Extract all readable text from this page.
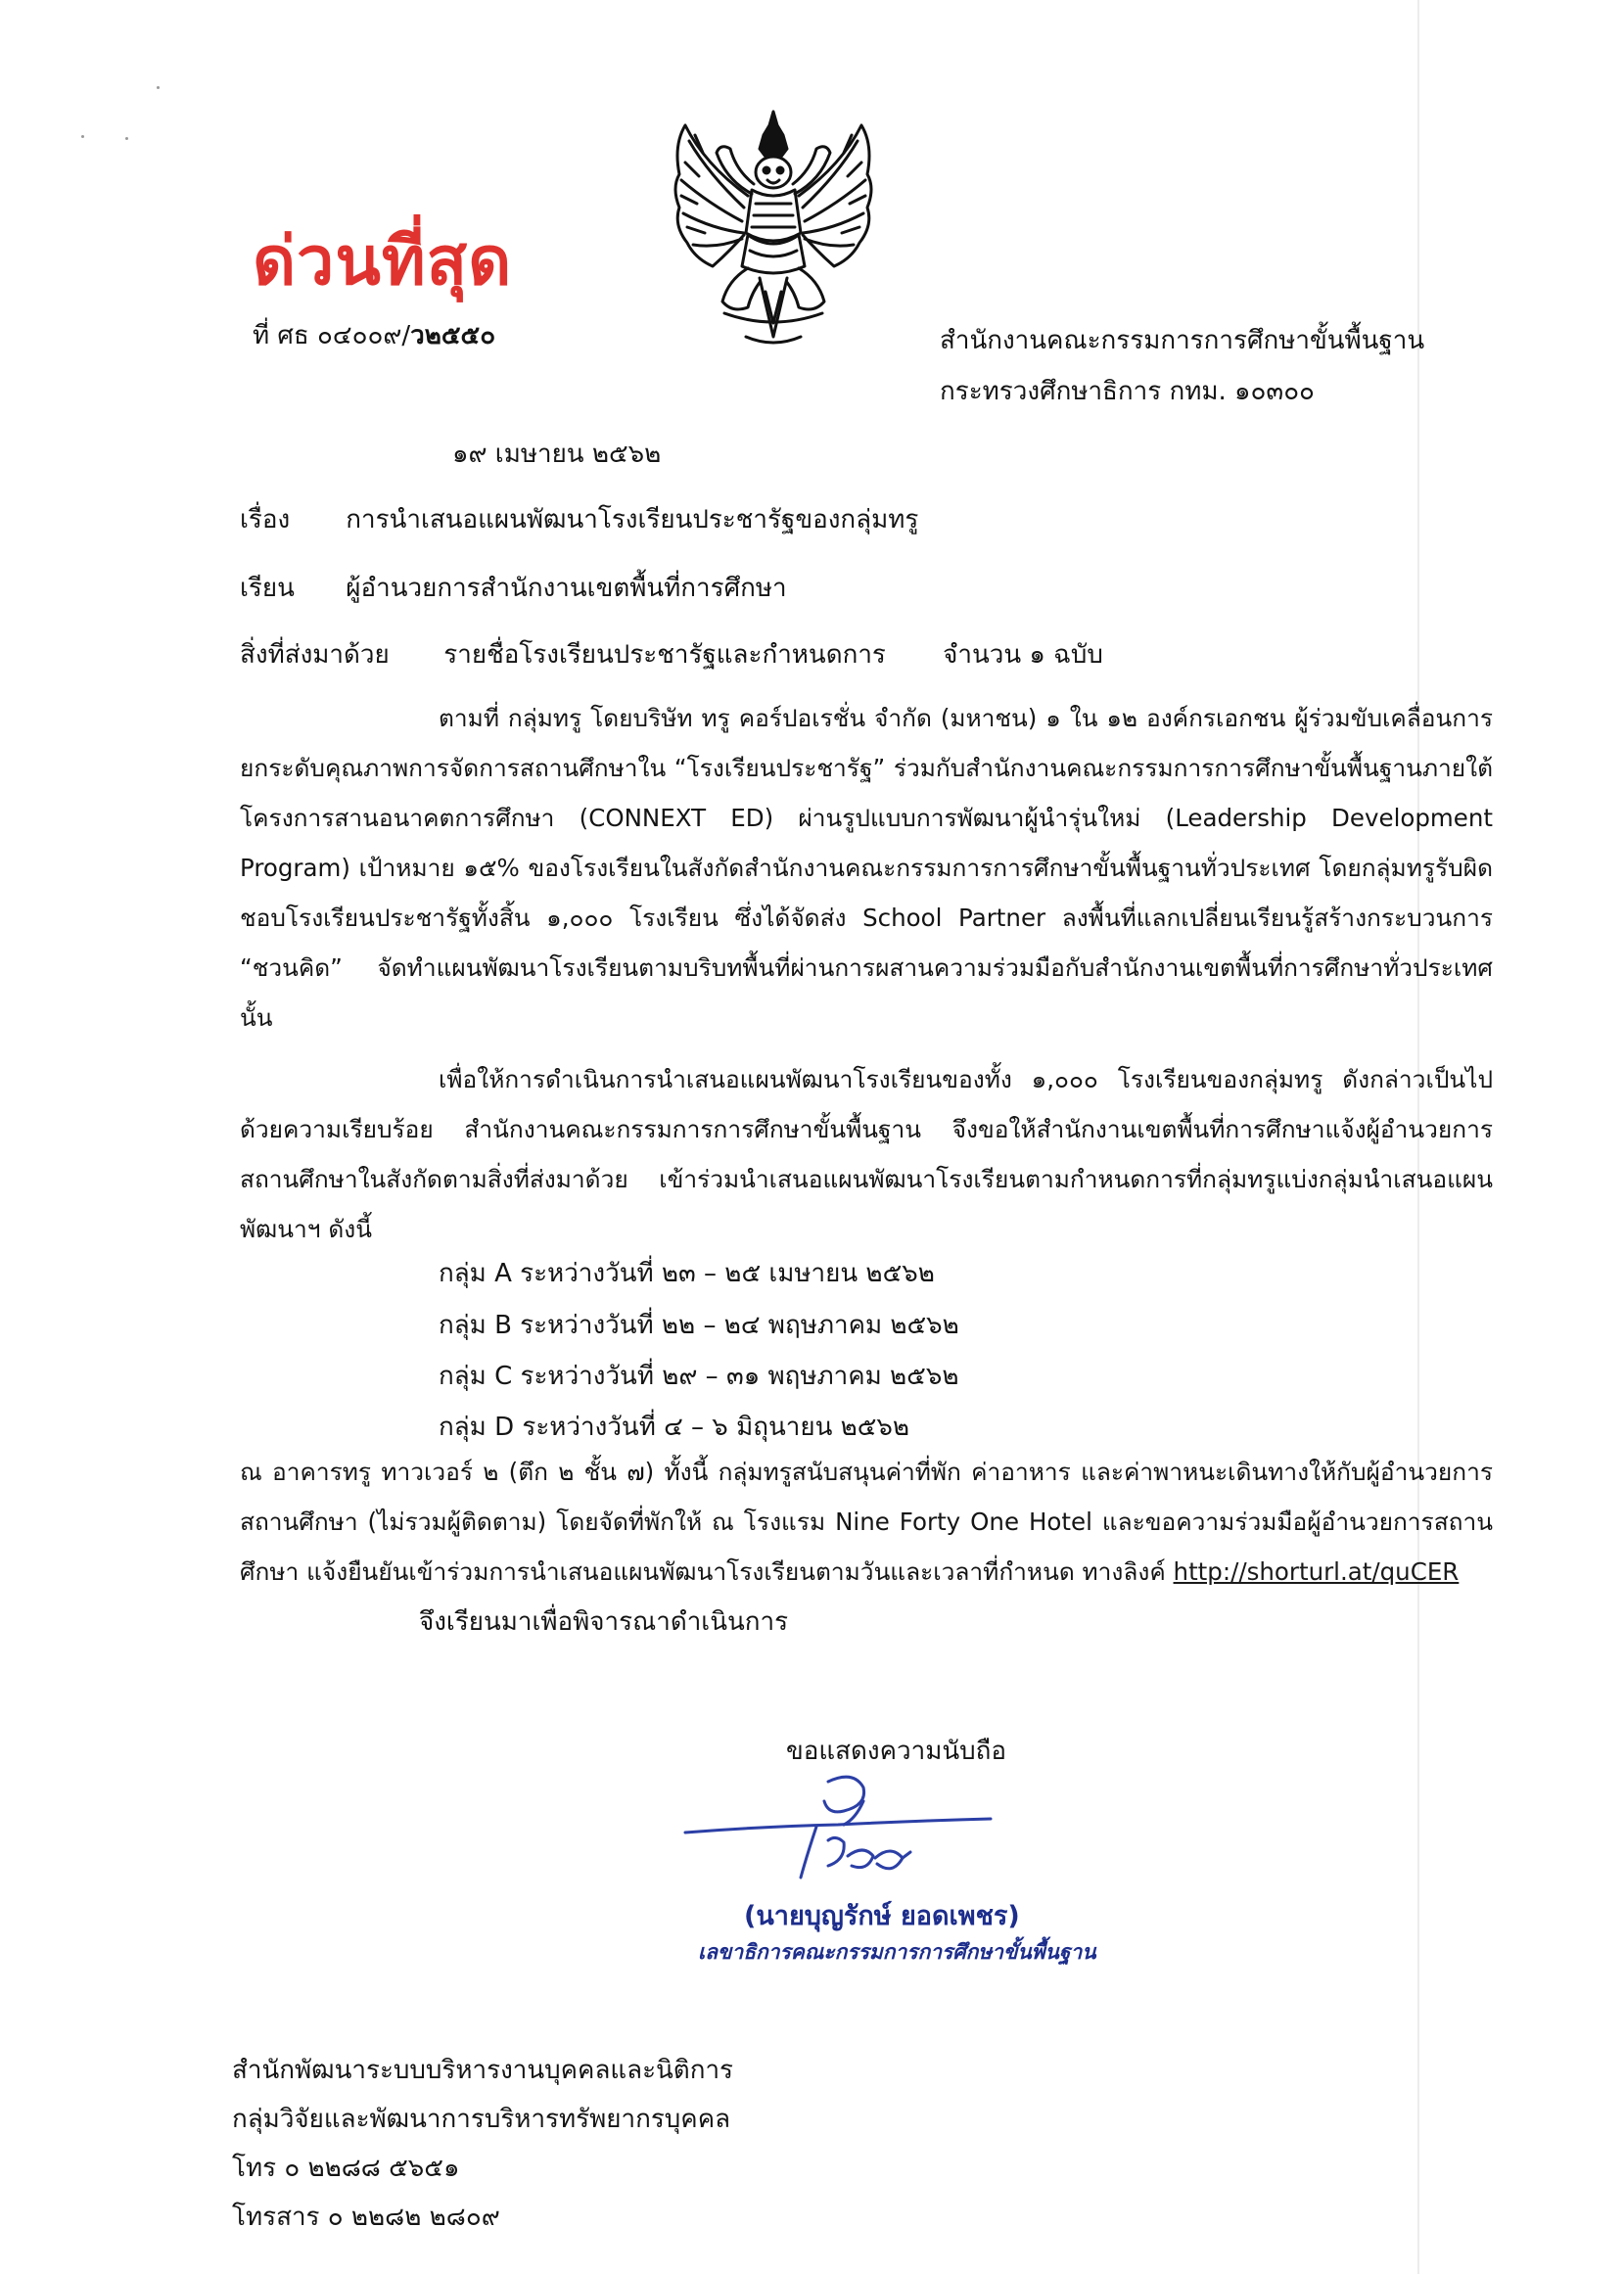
ด่วนที่สุด
ที่ ศธ ๐๔๐๐๙/ว๒๕๕๐	สำนักงานคณะกรรมการการศึกษาขั้นพื้นฐาน
กระทรวงศึกษาธิการ กทม. ๑๐๓๐๐
๑๙ เมษายน ๒๕๖๒
เรื่อง การนำเสนอแผนพัฒนาโรงเรียนประชารัฐของกลุ่มทรู
เรียน ผู้อำนวยการสำนักงานเขตพื้นที่การศึกษา
สิ่งที่ส่งมาด้วย รายชื่อโรงเรียนประชารัฐและกำหนดการ จำนวน ๑ ฉบับ

ตามที่ กลุ่มทรู โดยบริษัท ทรู คอร์ปอเรชั่น จำกัด (มหาชน) ๑ ใน ๑๒ องค์กรเอกชน ผู้ร่วมขับเคลื่อนการยกระดับคุณภาพการจัดการสถานศึกษาใน “โรงเรียนประชารัฐ” ร่วมกับสำนักงานคณะกรรมการการศึกษาขั้นพื้นฐานภายใต้โครงการสานอนาคตการศึกษา (CONNEXT ED) ผ่านรูปแบบการพัฒนาผู้นำรุ่นใหม่ (Leadership Development Program) เป้าหมาย ๑๕% ของโรงเรียนในสังกัดสำนักงานคณะกรรมการการศึกษาขั้นพื้นฐานทั่วประเทศ โดยกลุ่มทรูรับผิดชอบโรงเรียนประชารัฐทั้งสิ้น ๑,๐๐๐ โรงเรียน ซึ่งได้จัดส่ง School Partner ลงพื้นที่แลกเปลี่ยนเรียนรู้สร้างกระบวนการ “ชวนคิด” จัดทำแผนพัฒนาโรงเรียนตามบริบทพื้นที่ผ่านการผสานความร่วมมือกับสำนักงานเขตพื้นที่การศึกษาทั่วประเทศ นั้น

เพื่อให้การดำเนินการนำเสนอแผนพัฒนาโรงเรียนของทั้ง ๑,๐๐๐ โรงเรียนของกลุ่มทรู ดังกล่าวเป็นไปด้วยความเรียบร้อย สำนักงานคณะกรรมการการศึกษาขั้นพื้นฐาน จึงขอให้สำนักงานเขตพื้นที่การศึกษาแจ้งผู้อำนวยการสถานศึกษาในสังกัดตามสิ่งที่ส่งมาด้วย เข้าร่วมนำเสนอแผนพัฒนาโรงเรียนตามกำหนดการที่กลุ่มทรูแบ่งกลุ่มนำเสนอแผนพัฒนาฯ ดังนี้

กลุ่ม A ระหว่างวันที่ ๒๓ – ๒๕ เมษายน ๒๕๖๒
กลุ่ม B ระหว่างวันที่ ๒๒ – ๒๔ พฤษภาคม ๒๕๖๒
กลุ่ม C ระหว่างวันที่ ๒๙ – ๓๑ พฤษภาคม ๒๕๖๒
กลุ่ม D ระหว่างวันที่ ๔ – ๖ มิถุนายน ๒๕๖๒
ณ อาคารทรู ทาวเวอร์ ๒ (ตึก ๒ ชั้น ๗) ทั้งนี้ กลุ่มทรูสนับสนุนค่าที่พัก ค่าอาหาร และค่าพาหนะเดินทางให้กับผู้อำนวยการสถานศึกษา (ไม่รวมผู้ติดตาม) โดยจัดที่พักให้ ณ โรงแรม Nine Forty One Hotel และขอความร่วมมือผู้อำนวยการสถานศึกษา แจ้งยืนยันเข้าร่วมการนำเสนอแผนพัฒนาโรงเรียนตามวันและเวลาที่กำหนด ทางลิงค์ http://shorturl.at/quCER
จึงเรียนมาเพื่อพิจารณาดำเนินการ
ขอแสดงความนับถือ
(นายบุญรักษ์ ยอดเพชร)
เลขาธิการคณะกรรมการการศึกษาขั้นพื้นฐาน
สำนักพัฒนาระบบบริหารงานบุคคลและนิติการ
กลุ่มวิจัยและพัฒนาการบริหารทรัพยากรบุคคล
โทร ๐ ๒๒๘๘ ๕๖๕๑
โทรสาร ๐ ๒๒๘๒ ๒๘๐๙
